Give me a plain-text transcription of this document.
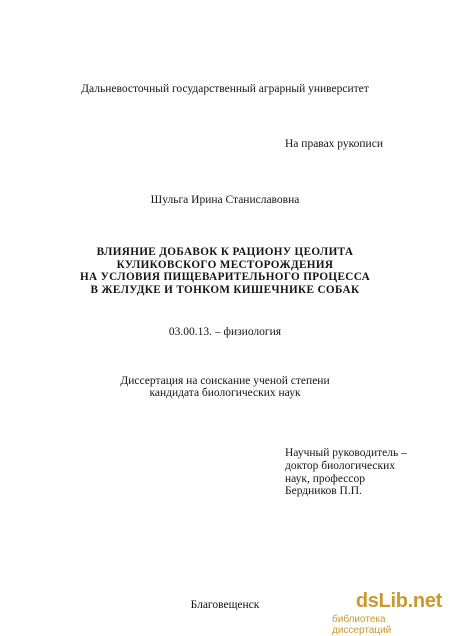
Дальневосточный государственный аграрный университет
На правах рукописи
Шульга Ирина Станиславовна
ВЛИЯНИЕ ДОБАВОК К РАЦИОНУ ЦЕОЛИТА
КУЛИКОВСКОГО МЕСТОРОЖДЕНИЯ
НА УСЛОВИЯ ПИЩЕВАРИТЕЛЬНОГО ПРОЦЕССА
В ЖЕЛУДКЕ И ТОНКОМ КИШЕЧНИКЕ СОБАК
03.00.13. – физиология
Диссертация на соискание ученой степени
кандидата биологических наук
Научный руководитель –
доктор биологических
наук, профессор
Бердников П.П.
Благовещенск	dsLib.net
библиотека диссертаций
